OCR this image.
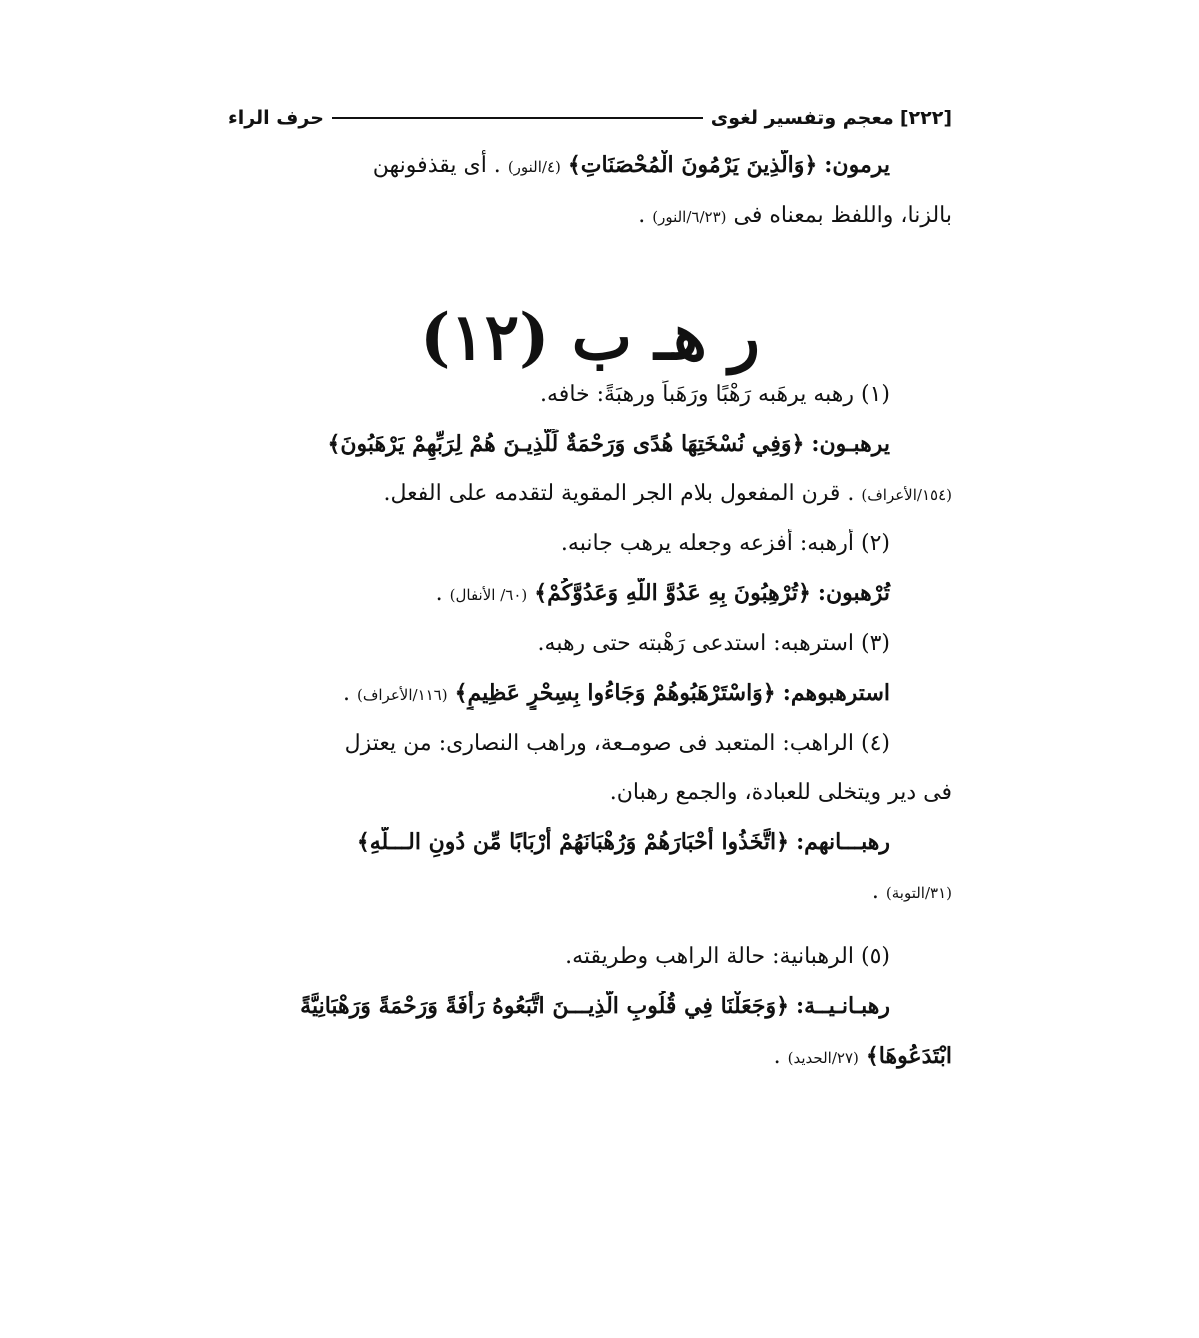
[٢٢٢]
معجم وتفسير لغوى
حرف الراء
يرمون: ﴿وَالَّذِينَ يَرْمُونَ الْمُحْصَنَاتِ﴾ (٤/النور) . أى يقذفونهن
بالزنا، واللفظ بمعناه فى (٦/٢٣/النور) .
ر هـ ب (١٢)
(١) رهبه يرهَبه رَهْبًا ورَهَباً ورهبَةً: خافه.
يرهبـون: ﴿وَفِي نُسْخَتِهَا هُدًى وَرَحْمَةٌ لِّلَّذِيـنَ هُمْ لِرَبِّهِمْ يَرْهَبُونَ﴾
(١٥٤/الأعراف) . قرن المفعول بلام الجر المقوية لتقدمه على الفعل.
(٢) أرهبه: أفزعه وجعله يرهب جانبه.
تُرْهبون: ﴿تُرْهِبُونَ بِهِ عَدُوَّ اللَّهِ وَعَدُوَّكُمْ﴾ (٦٠/ الأنفال) .
(٣) استرهبه: استدعى رَهْبته حتى رهبه.
استرهبوهم: ﴿وَاسْتَرْهَبُوهُمْ وَجَاءُوا بِسِحْرٍ عَظِيمٍ﴾ (١١٦/الأعراف) .
(٤) الراهب: المتعبد فى صومـعة، وراهب النصارى: من يعتزل
فى دير ويتخلى للعبادة، والجمع رهبان.
رهبـــانهم: ﴿اتَّخَذُوا أَحْبَارَهُمْ وَرُهْبَانَهُمْ أَرْبَابًا مِّن دُونِ الـــلَّهِ﴾
(٣١/التوبة) .
(٥) الرهبانية: حالة الراهب وطريقته.
رهبـانـيــة: ﴿وَجَعَلْنَا فِي قُلُوبِ الَّذِيـــنَ اتَّبَعُوهُ رَأْفَةً وَرَحْمَةً وَرَهْبَانِيَّةً
ابْتَدَعُوهَا﴾ (٢٧/الحديد) .
